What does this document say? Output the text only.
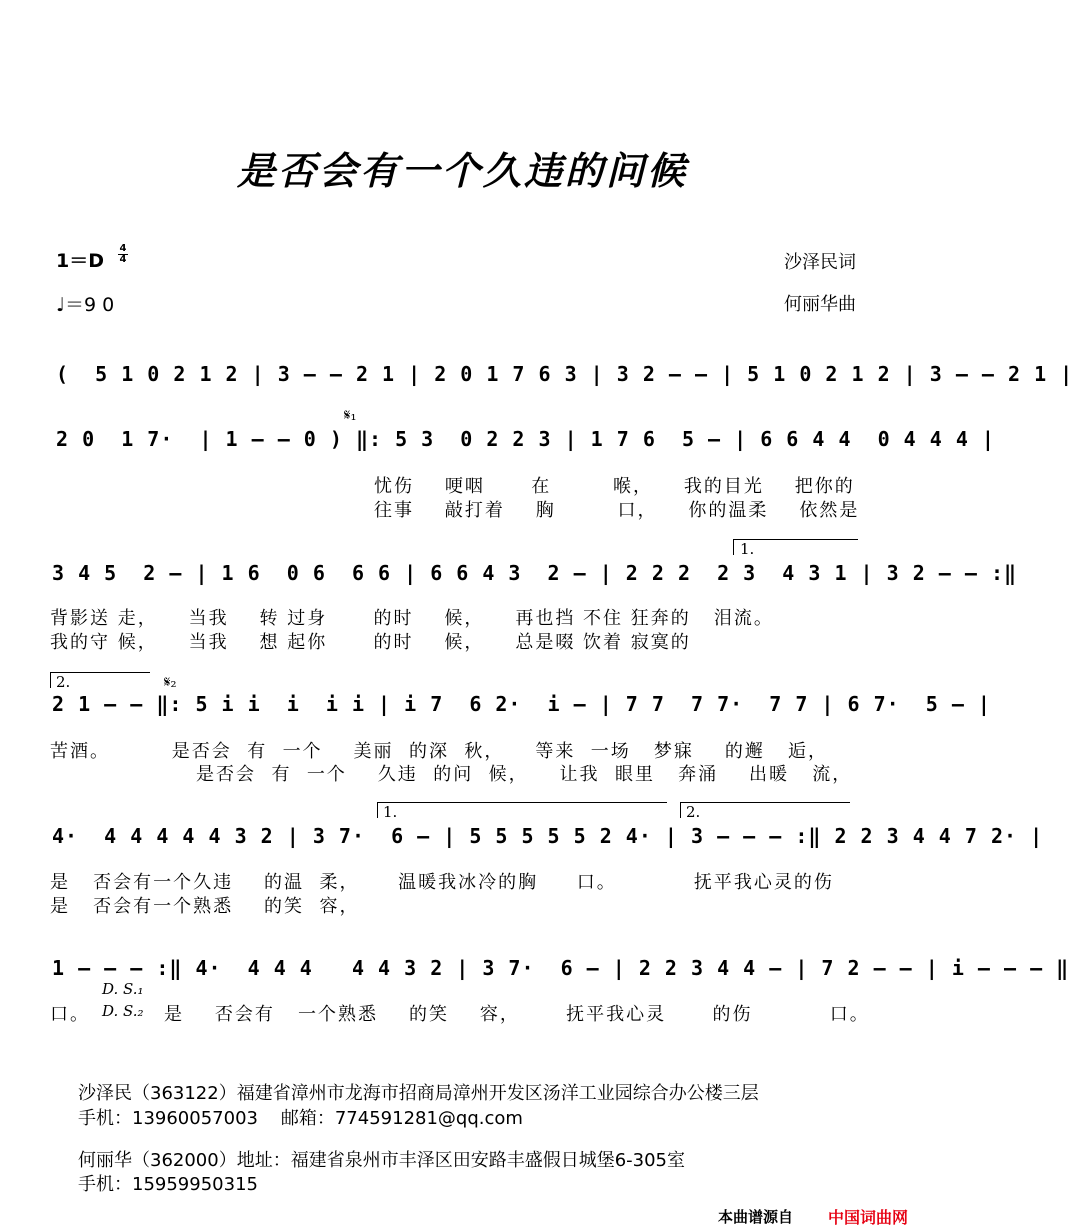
是否会有一个久违的问候
$1=D \frac{4}{4}$
♩＝9 0
沙泽民词
何丽华曲
(  5 1 0 2 1 2 | 3 — — 2 1 | 2 0 1 7 6 3 | 3 2 — — | 5 1 0 2 1 2 | 3 — — 2 1 |
𝄋₁
2 0  1 7·  | 1 — — 0 ) ‖: 5 3  0 2 2 3 | 1 7 6  5 — | 6 6 4 4  0 4 4 4 |
忧伤    哽咽      在        喉，    我的目光    把你的
往事    敲打着    胸        口，    你的温柔    依然是
1.
3 4 5  2 — | 1 6  0 6  6 6 | 6 6 4 3  2 — | 2 2 2  2 3  4 3 1 | 3 2 — — :‖
背影送 走，    当我    转 过身      的时    候，    再也挡 不住 狂奔的   泪流。
我的守 候，    当我    想 起你      的时    候，    总是啜 饮着 寂寞的
2.	𝄋₂
2 1 — — ‖: 5 i i  i  i i | i 7  6 2·  i — | 7 7  7 7·  7 7 | 6 7·  5 — |
苦酒。        是否会  有  一个    美丽  的深  秋，    等来  一场   梦寐    的邂   逅，
是否会  有  一个    久违  的问  候，    让我  眼里   奔涌    出暖   流，
1.	2.
4·  4 4 4 4 4 3 2 | 3 7·  6 — | 5 5 5 5 5 2 4· | 3 — — — :‖ 2 2 3 4 4 7 2· |
是   否会有一个久违    的温  柔，     温暖我冰冷的胸     口。          抚平我心灵的伤
是   否会有一个熟悉    的笑  容，
1 — — — :‖ 4·  4 4 4   4 4 3 2 | 3 7·  6 — | 2 2 3 4 4 — | 7 2 — — | i — — — ‖
D. S.₁
口。 D. S.₂ 是    否会有   一个熟悉    的笑    容，      抚平我心灵      的伤          口。
沙泽民（363122）福建省漳州市龙海市招商局漳州开发区汤洋工业园综合办公楼三层
手机：13960057003    邮箱：774591281@qq.com
何丽华（362000）地址：福建省泉州市丰泽区田安路丰盛假日城堡6-305室
手机：15959950315
本曲谱源自 中国词曲网
